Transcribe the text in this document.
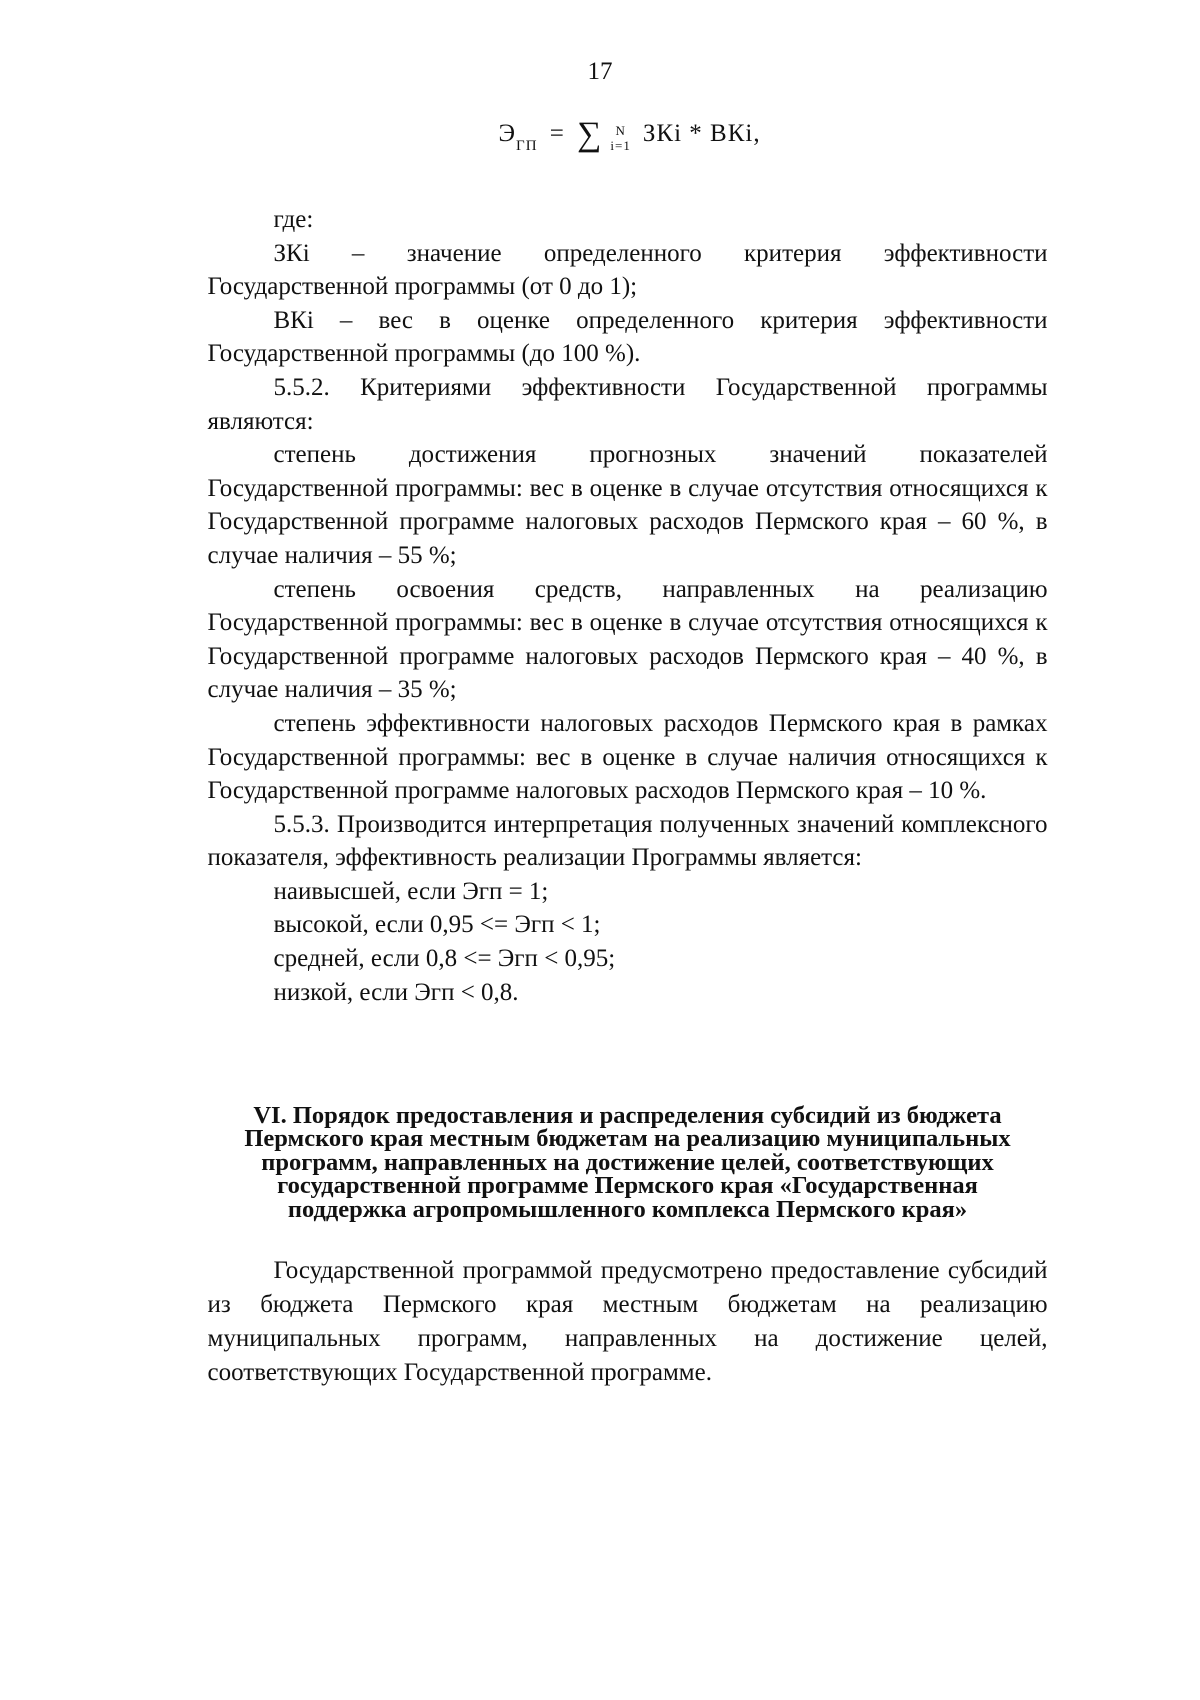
17
$Э_{ГП}$ = ∑	N
i=1 ЗКi * ВКi,

где:

ЗКi – значение определенного критерия эффективности Государственной программы (от 0 до 1);

ВКi – вес в оценке определенного критерия эффективности Государственной программы (до 100 %).

5.5.2. Критериями эффективности Государственной программы являются:

степень достижения прогнозных значений показателей Государственной программы: вес в оценке в случае отсутствия относящихся к Государственной программе налоговых расходов Пермского края – 60 %, в случае наличия – 55 %;

степень освоения средств, направленных на реализацию Государственной программы: вес в оценке в случае отсутствия относящихся к Государственной программе налоговых расходов Пермского края – 40 %, в случае наличия – 35 %;

степень эффективности налоговых расходов Пермского края в рамках Государственной программы: вес в оценке в случае наличия относящихся к Государственной программе налоговых расходов Пермского края – 10 %.

5.5.3. Производится интерпретация полученных значений комплексного показателя, эффективность реализации Программы является:

наивысшей, если Эгп = 1;
высокой, если 0,95 <= Эгп < 1;
средней, если 0,8 <= Эгп < 0,95;
низкой, если Эгп < 0,8.
VI. Порядок предоставления и распределения субсидий из бюджета
Пермского края местным бюджетам на реализацию муниципальных
программ, направленных на достижение целей, соответствующих
государственной программе Пермского края «Государственная
поддержка агропромышленного комплекса Пермского края»

Государственной программой предусмотрено предоставление субсидий из бюджета Пермского края местным бюджетам на реализацию муниципальных программ, направленных на достижение целей, соответствующих Государственной программе.
